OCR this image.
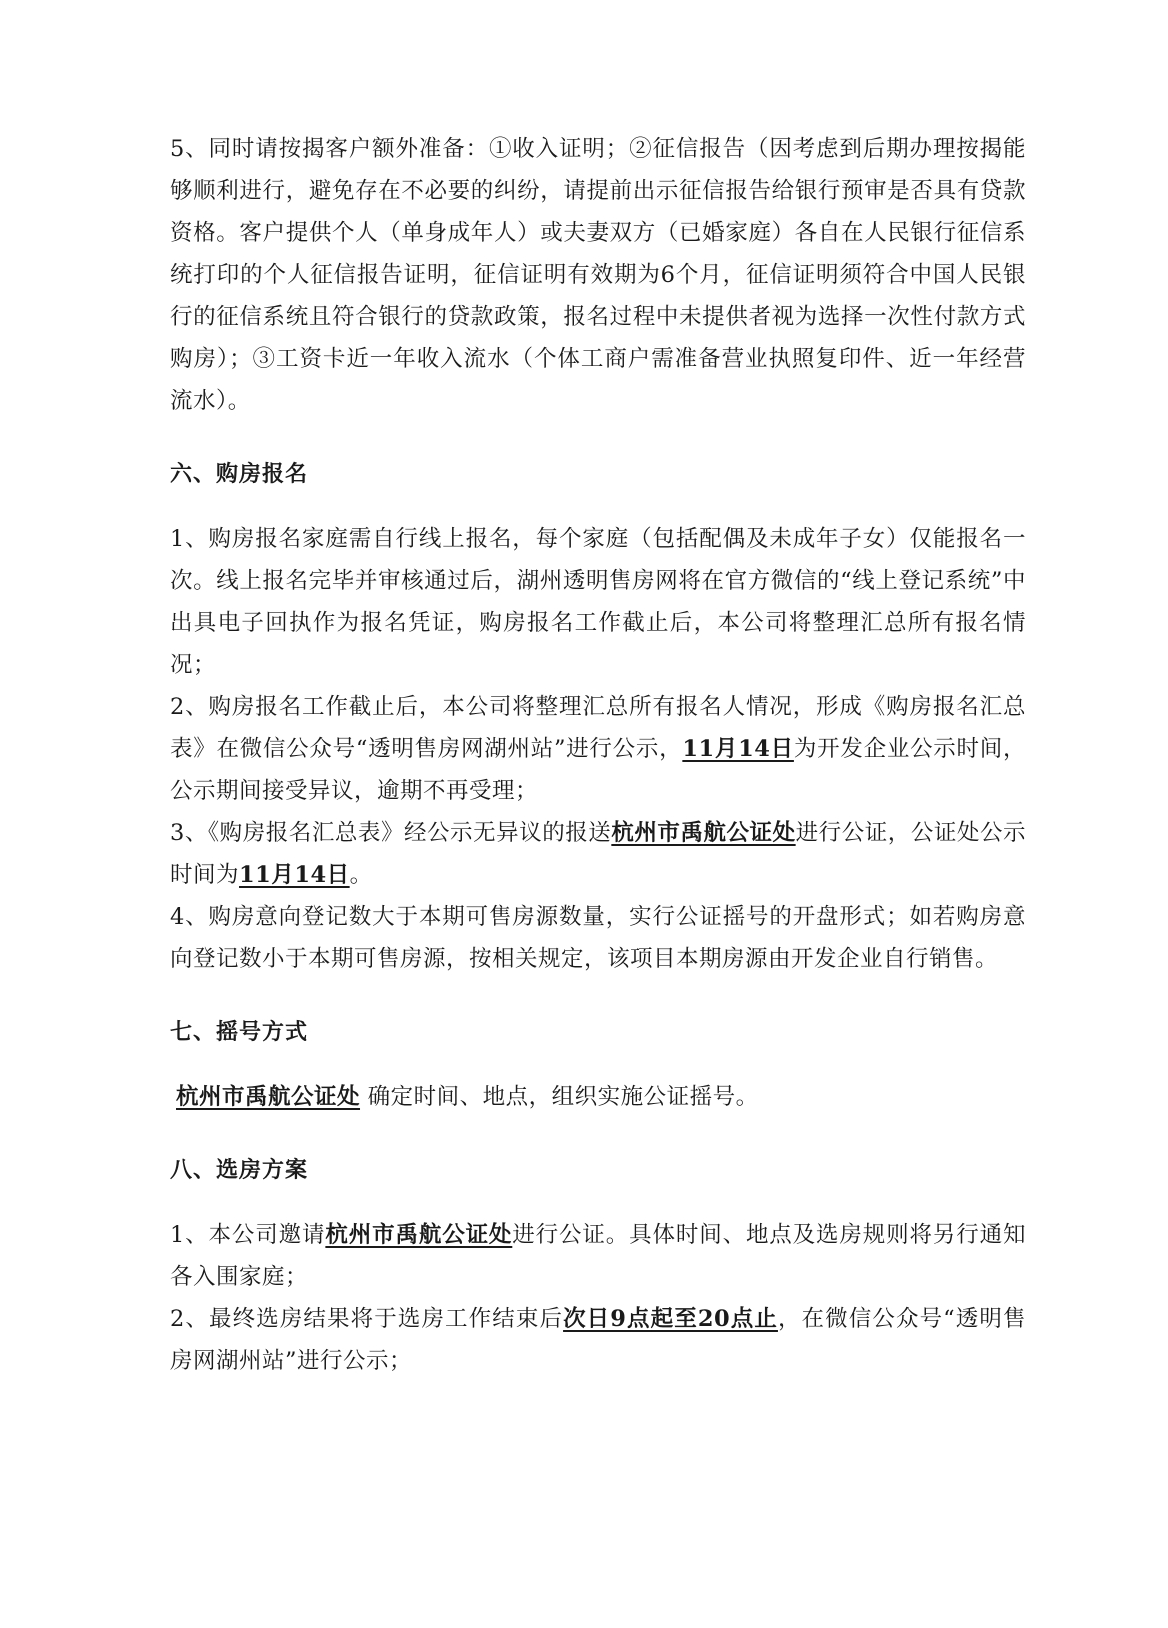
5、同时请按揭客户额外准备：①收入证明；②征信报告（因考虑到后期办理按揭能够顺利进行，避免存在不必要的纠纷，请提前出示征信报告给银行预审是否具有贷款资格。客户提供个人（单身成年人）或夫妻双方（已婚家庭）各自在人民银行征信系统打印的个人征信报告证明，征信证明有效期为6个月，征信证明须符合中国人民银行的征信系统且符合银行的贷款政策，报名过程中未提供者视为选择一次性付款方式购房）；③工资卡近一年收入流水（个体工商户需准备营业执照复印件、近一年经营流水）。

六、购房报名

1、购房报名家庭需自行线上报名，每个家庭（包括配偶及未成年子女）仅能报名一次。线上报名完毕并审核通过后，湖州透明售房网将在官方微信的“线上登记系统”中出具电子回执作为报名凭证，购房报名工作截止后，本公司将整理汇总所有报名情况；

2、购房报名工作截止后，本公司将整理汇总所有报名人情况，形成《购房报名汇总表》在微信公众号“透明售房网湖州站”进行公示，11月14日为开发企业公示时间，公示期间接受异议，逾期不再受理；

3、《购房报名汇总表》经公示无异议的报送杭州市禹航公证处进行公证，公证处公示时间为11月14日。

4、购房意向登记数大于本期可售房源数量，实行公证摇号的开盘形式；如若购房意向登记数小于本期可售房源，按相关规定，该项目本期房源由开发企业自行销售。

七、摇号方式

杭州市禹航公证处 确定时间、地点，组织实施公证摇号。

八、选房方案

1、本公司邀请杭州市禹航公证处进行公证。具体时间、地点及选房规则将另行通知各入围家庭；

2、最终选房结果将于选房工作结束后次日9点起至20点止，在微信公众号“透明售房网湖州站”进行公示；
